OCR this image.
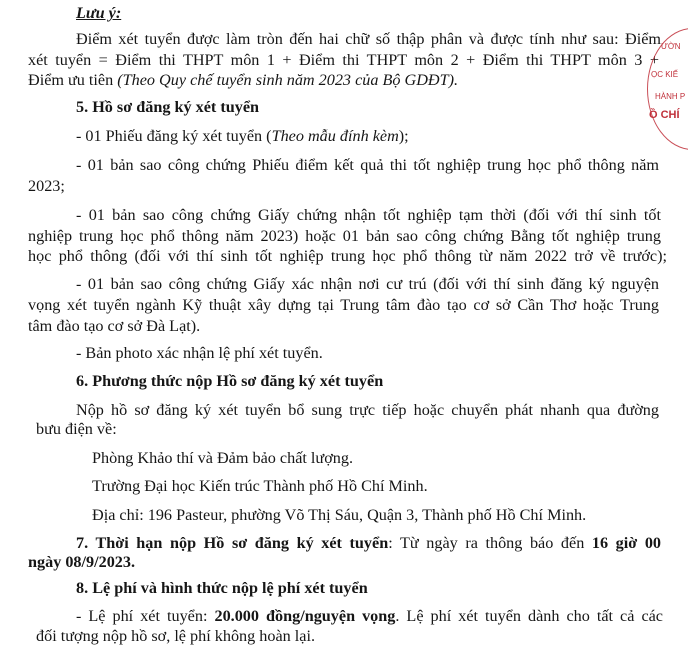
Lưu ý:
Điểm xét tuyển được làm tròn đến hai chữ số thập phân và được tính như sau: Điểm
xét tuyển = Điểm thi THPT môn 1 + Điểm thi THPT môn 2 + Điểm thi THPT môn 3 +
Điểm ưu tiên (Theo Quy chế tuyển sinh năm 2023 của Bộ GDĐT).
5. Hồ sơ đăng ký xét tuyển
- 01 Phiếu đăng ký xét tuyển (Theo mẫu đính kèm);
- 01 bản sao công chứng Phiếu điểm kết quả thi tốt nghiệp trung học phổ thông năm
2023;
- 01 bản sao công chứng Giấy chứng nhận tốt nghiệp tạm thời (đối với thí sinh tốt
nghiệp trung học phổ thông năm 2023) hoặc 01 bản sao công chứng Bằng tốt nghiệp trung
học phổ thông (đối với thí sinh tốt nghiệp trung học phổ thông từ năm 2022 trở về trước);
- 01 bản sao công chứng Giấy xác nhận nơi cư trú (đối với thí sinh đăng ký nguyện
vọng xét tuyển ngành Kỹ thuật xây dựng tại Trung tâm đào tạo cơ sở Cần Thơ hoặc Trung
tâm đào tạo cơ sở Đà Lạt).
- Bản photo xác nhận lệ phí xét tuyển.
6. Phương thức nộp Hồ sơ đăng ký xét tuyển
Nộp hồ sơ đăng ký xét tuyển bổ sung trực tiếp hoặc chuyển phát nhanh qua đường
bưu điện về:
Phòng Khảo thí và Đảm bảo chất lượng.
Trường Đại học Kiến trúc Thành phố Hồ Chí Minh.
Địa chỉ: 196 Pasteur, phường Võ Thị Sáu, Quận 3, Thành phố Hồ Chí Minh.
7. Thời hạn nộp Hồ sơ đăng ký xét tuyển: Từ ngày ra thông báo đến 16 giờ 00
ngày 08/9/2023.
8. Lệ phí và hình thức nộp lệ phí xét tuyển
- Lệ phí xét tuyển: 20.000 đồng/nguyện vọng. Lệ phí xét tuyển dành cho tất cả các
đối tượng nộp hồ sơ, lệ phí không hoàn lại.
ƯỜN
ỌC KIẾ
HÀNH P
Ồ CHÍ
